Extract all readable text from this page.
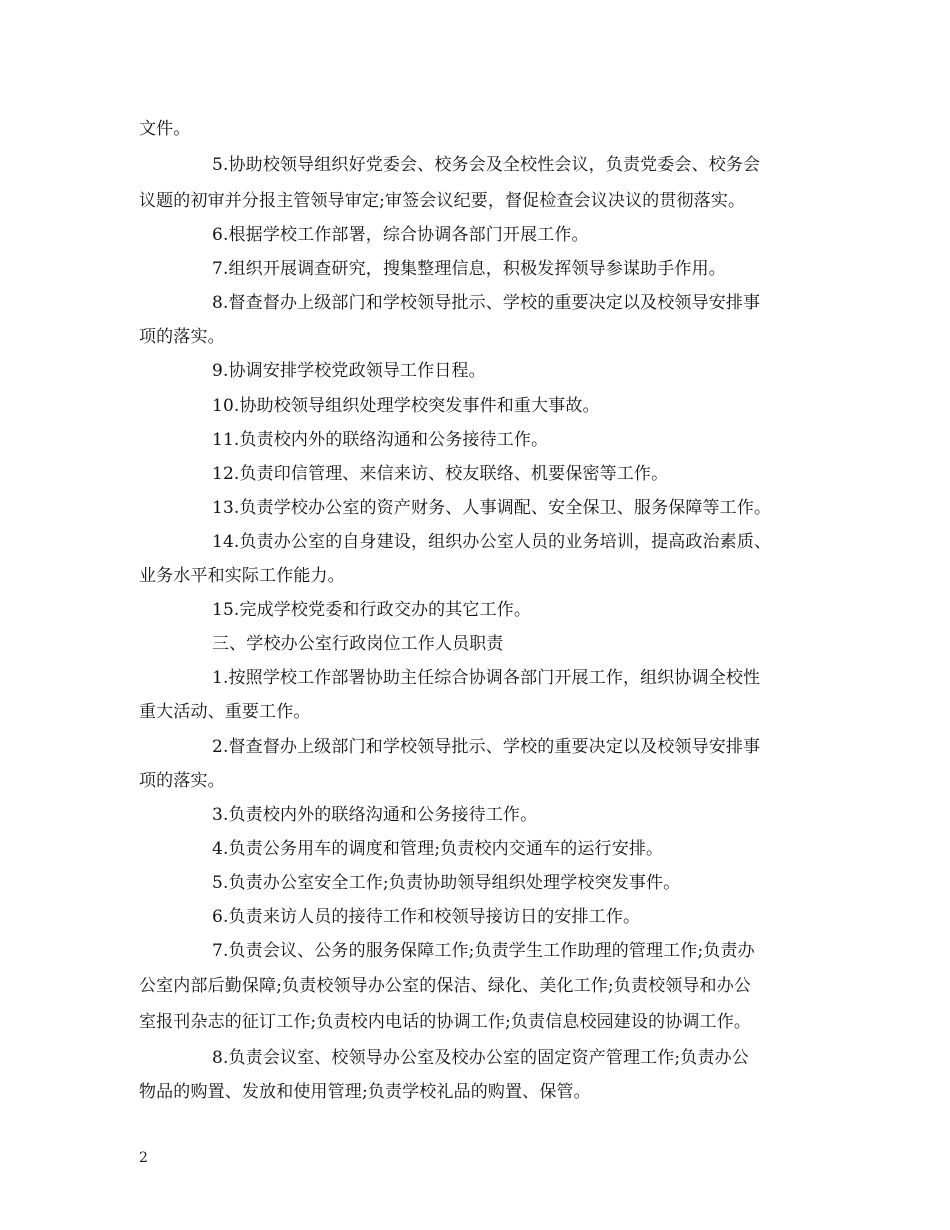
文件。
5.协助校领导组织好党委会、校务会及全校性会议，负责党委会、校务会
议题的初审并分报主管领导审定;审签会议纪要，督促检查会议决议的贯彻落实。
6.根据学校工作部署，综合协调各部门开展工作。
7.组织开展调查研究，搜集整理信息，积极发挥领导参谋助手作用。
8.督查督办上级部门和学校领导批示、学校的重要决定以及校领导安排事
项的落实。
9.协调安排学校党政领导工作日程。
10.协助校领导组织处理学校突发事件和重大事故。
11.负责校内外的联络沟通和公务接待工作。
12.负责印信管理、来信来访、校友联络、机要保密等工作。
13.负责学校办公室的资产财务、人事调配、安全保卫、服务保障等工作。
14.负责办公室的自身建设，组织办公室人员的业务培训，提高政治素质、
业务水平和实际工作能力。
15.完成学校党委和行政交办的其它工作。
三、学校办公室行政岗位工作人员职责
1.按照学校工作部署协助主任综合协调各部门开展工作，组织协调全校性
重大活动、重要工作。
2.督查督办上级部门和学校领导批示、学校的重要决定以及校领导安排事
项的落实。
3.负责校内外的联络沟通和公务接待工作。
4.负责公务用车的调度和管理;负责校内交通车的运行安排。
5.负责办公室安全工作;负责协助领导组织处理学校突发事件。
6.负责来访人员的接待工作和校领导接访日的安排工作。
7.负责会议、公务的服务保障工作;负责学生工作助理的管理工作;负责办
公室内部后勤保障;负责校领导办公室的保洁、绿化、美化工作;负责校领导和办公
室报刊杂志的征订工作;负责校内电话的协调工作;负责信息校园建设的协调工作。
8.负责会议室、校领导办公室及校办公室的固定资产管理工作;负责办公
物品的购置、发放和使用管理;负责学校礼品的购置、保管。
2
